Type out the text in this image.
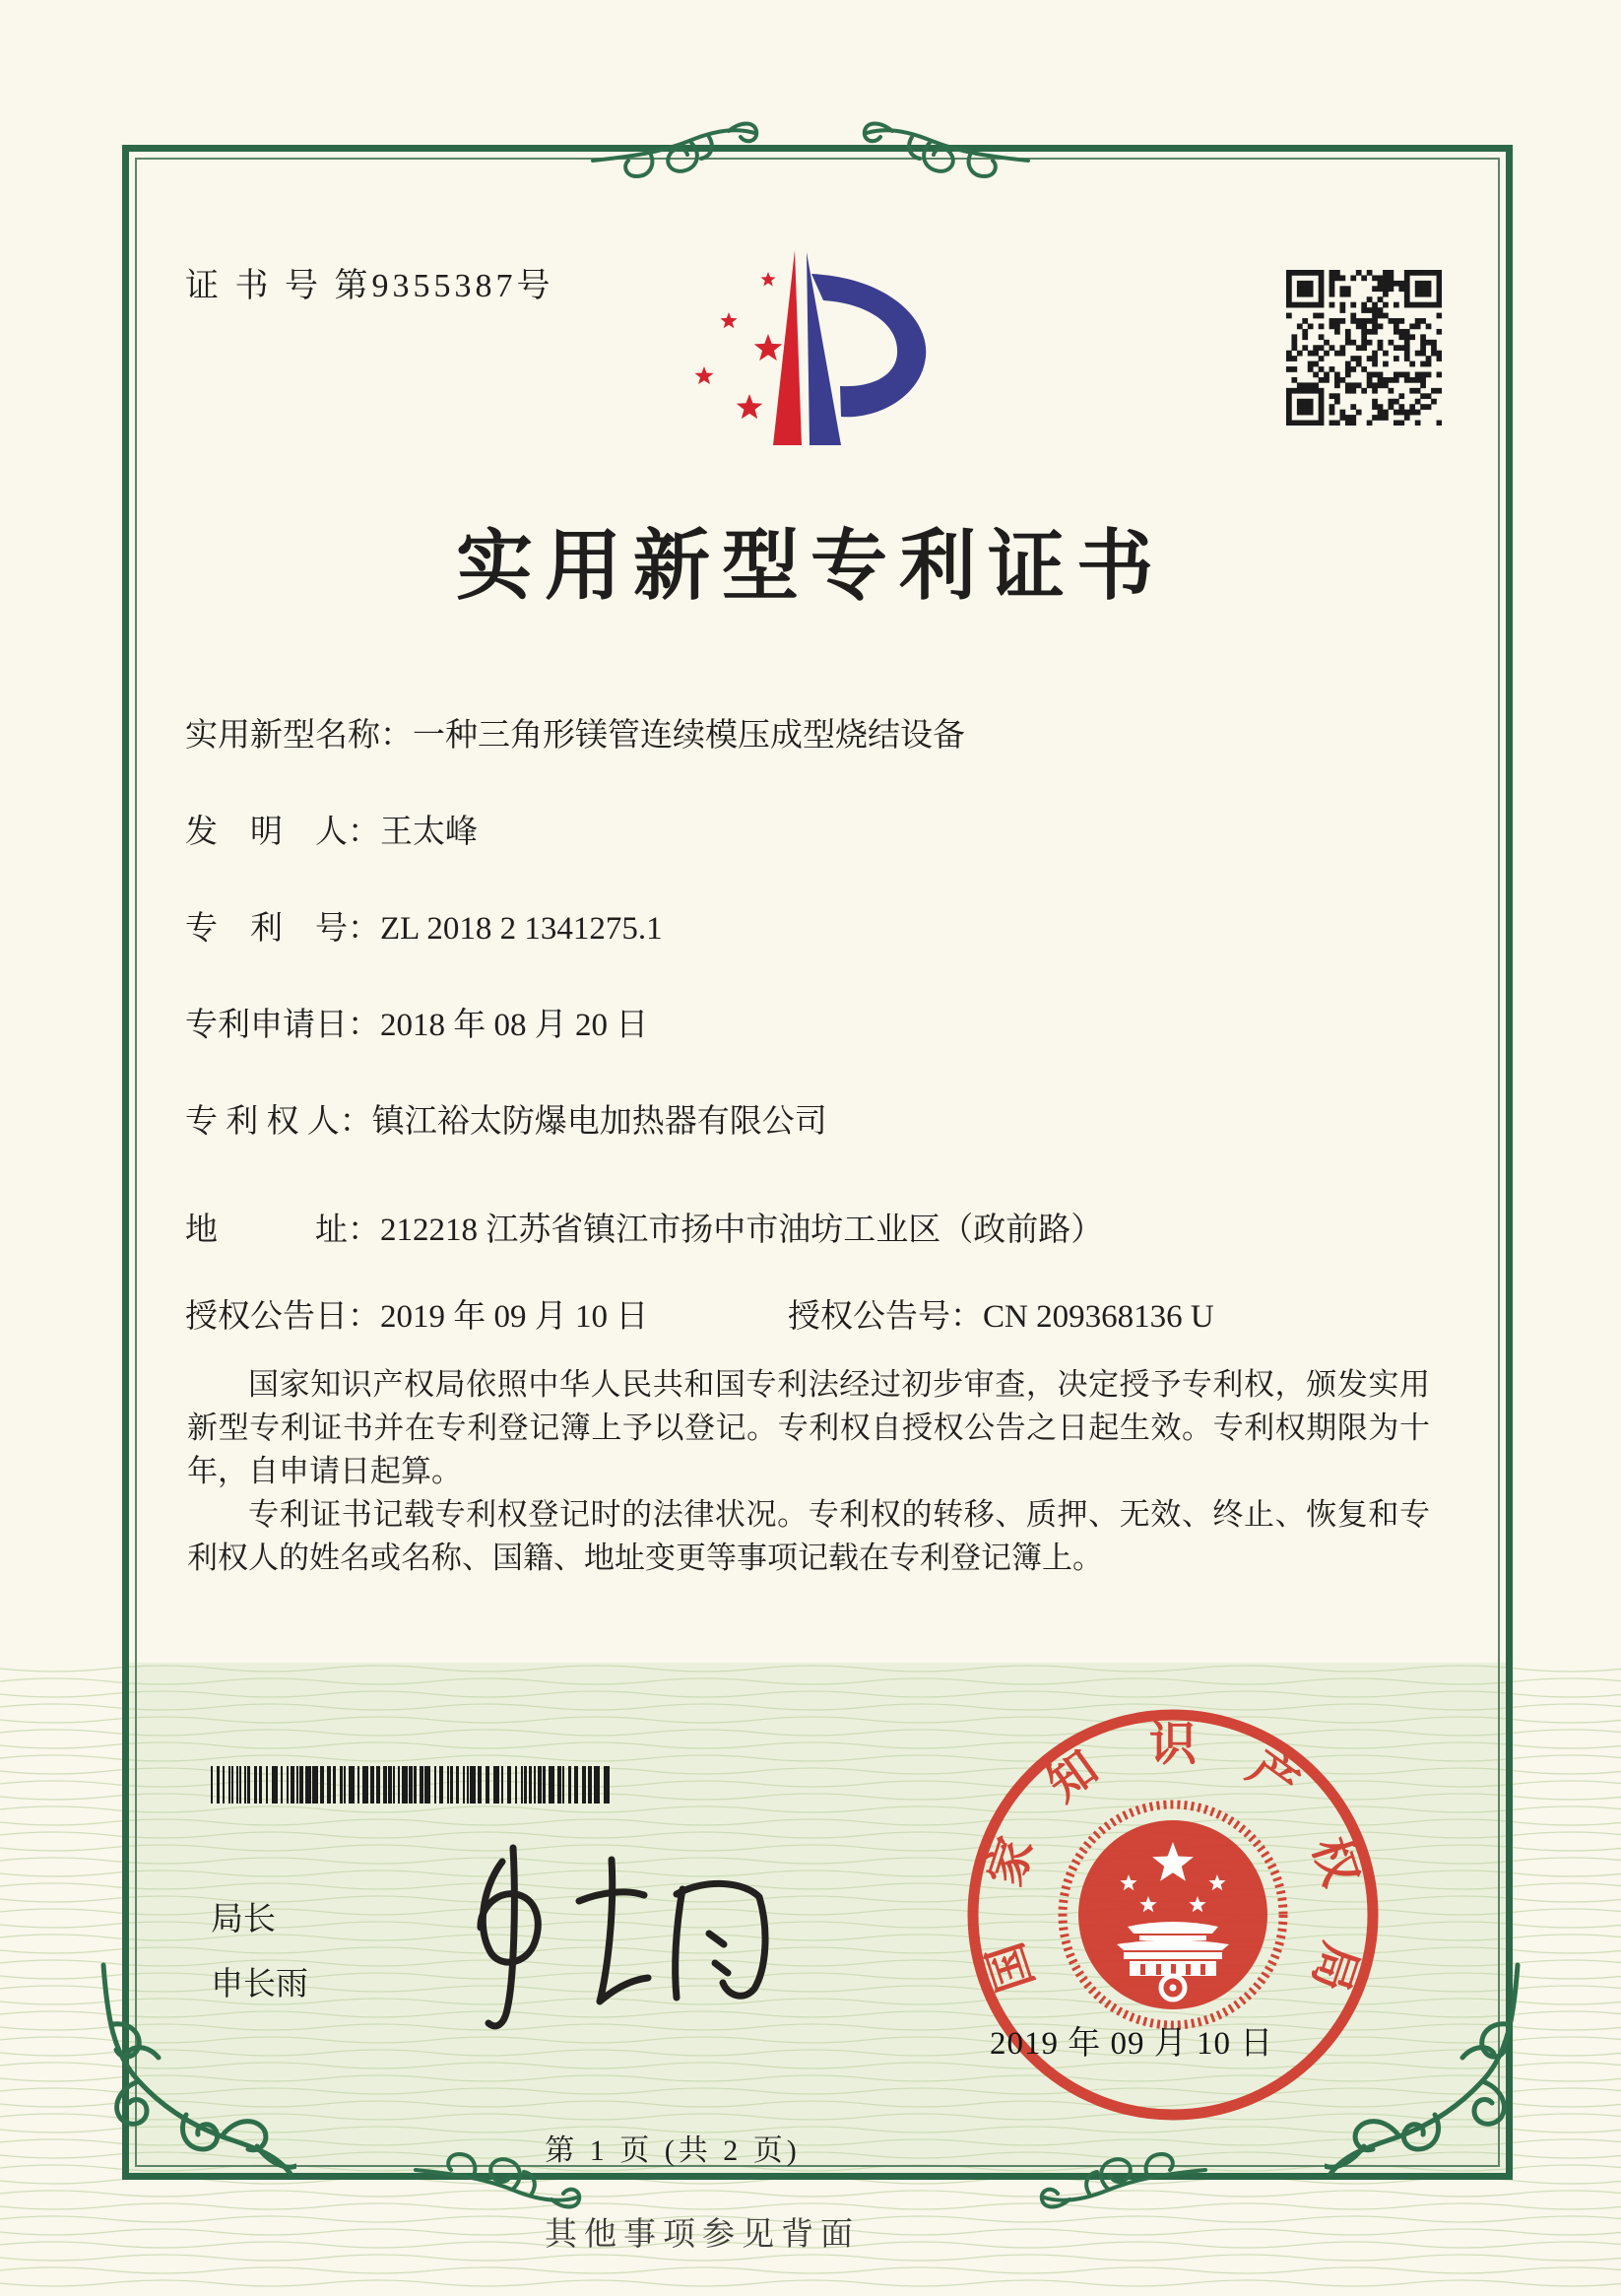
证 书 号 第9355387号
实用新型专利证书
实用新型名称：一种三角形镁管连续模压成型烧结设备
发　明　人：王太峰
专　利　号：ZL 2018 2 1341275.1
专利申请日：2018 年 08 月 20 日
专 利 权 人：镇江裕太防爆电加热器有限公司
地　　　址：212218 江苏省镇江市扬中市油坊工业区（政前路）
授权公告日：2019 年 09 月 10 日	授权公告号：CN 209368136 U

国家知识产权局依照中华人民共和国专利法经过初步审查，决定授予专利权，颁发实用新型专利证书并在专利登记簿上予以登记。专利权自授权公告之日起生效。专利权期限为十年，自申请日起算。

专利证书记载专利权登记时的法律状况。专利权的转移、质押、无效、终止、恢复和专利权人的姓名或名称、国籍、地址变更等事项记载在专利登记簿上。

局长
申长雨	国家知识产权局
2019 年 09 月 10 日
第 1 页 (共 2 页)
其他事项参见背面
